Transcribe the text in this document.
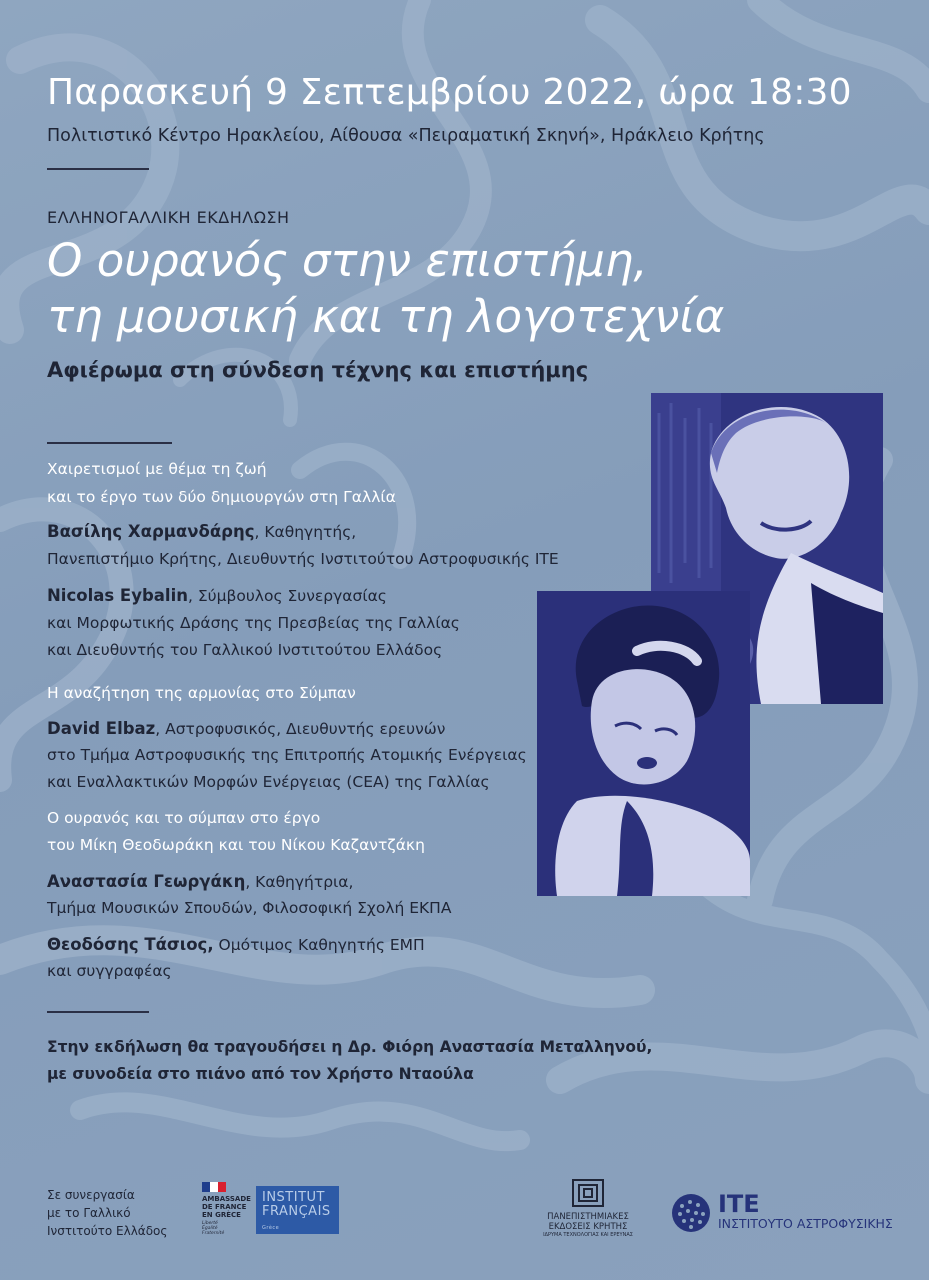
Παρασκευή 9 Σεπτεμβρίου 2022, ώρα 18:30
Πολιτιστικό Κέντρο Ηρακλείου, Αίθουσα «Πειραματική Σκηνή», Ηράκλειο Κρήτης
ΕΛΛΗΝΟΓΑΛΛΙΚΗ ΕΚΔΗΛΩΣΗ
Ο ουρανός στην επιστήμη,
τη μουσική και τη λογοτεχνία
Αφιέρωμα στη σύνδεση τέχνης και επιστήμης
Χαιρετισμοί με θέμα τη ζωή
και το έργο των δύο δημιουργών στη Γαλλία
Βασίλης Χαρμανδάρης, Καθηγητής,
Πανεπιστήμιο Κρήτης, Διευθυντής Ινστιτούτου Αστροφυσικής ΙΤΕ
Nicolas Eybalin, Σύμβουλος Συνεργασίας
και Μορφωτικής Δράσης της Πρεσβείας της Γαλλίας
και Διευθυντής του Γαλλικού Ινστιτούτου Ελλάδος
Η αναζήτηση της αρμονίας στο Σύμπαν
David Elbaz, Αστροφυσικός, Διευθυντής ερευνών
στο Τμήμα Αστροφυσικής της Επιτροπής Ατομικής Ενέργειας
και Εναλλακτικών Μορφών Ενέργειας (CEA) της Γαλλίας
Ο ουρανός και το σύμπαν στο έργο
του Μίκη Θεοδωράκη και του Νίκου Καζαντζάκη
Αναστασία Γεωργάκη, Καθηγήτρια,
Τμήμα Μουσικών Σπουδών, Φιλοσοφική Σχολή ΕΚΠΑ
Θεοδόσης Τάσιος, Ομότιμος Καθηγητής ΕΜΠ
και συγγραφέας
Στην εκδήλωση θα τραγουδήσει η Δρ. Φιόρη Αναστασία Μεταλληνού,
με συνοδεία στο πιάνο από τον Χρήστο Νταούλα
Σε συνεργασία
με το Γαλλικό
Ινστιτούτο Ελλάδος
AMBASSADE
DE FRANCE
EN GRÈCE
Liberté
Égalité
Fraternité
INSTITUT
FRANÇAIS
Grèce
ΠΑΝΕΠΙΣΤΗΜΙΑΚΕΣ
ΕΚΔΟΣΕΙΣ ΚΡΗΤΗΣ
ΙΔΡΥΜΑ ΤΕΧΝΟΛΟΓΙΑΣ ΚΑΙ ΕΡΕΥΝΑΣ
ΙΤΕ
ΙΝΣΤΙΤΟΥΤΟ ΑΣΤΡΟΦΥΣΙΚΗΣ
